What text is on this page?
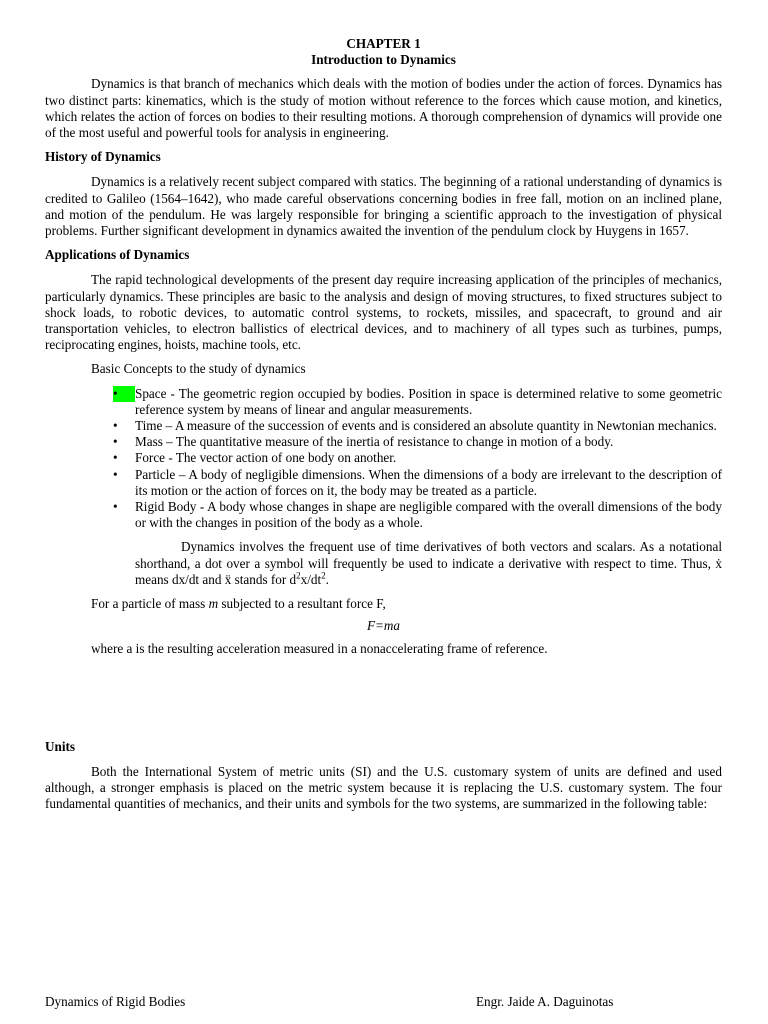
CHAPTER 1
Introduction to Dynamics

Dynamics is that branch of mechanics which deals with the motion of bodies under the action of forces. Dynamics has two distinct parts: kinematics, which is the study of motion without reference to the forces which cause motion, and kinetics, which relates the action of forces on bodies to their resulting motions. A thorough comprehension of dynamics will provide one of the most useful and powerful tools for analysis in engineering.

History of Dynamics

Dynamics is a relatively recent subject compared with statics. The beginning of a rational understanding of dynamics is credited to Galileo (1564–1642), who made careful observations concerning bodies in free fall, motion on an inclined plane, and motion of the pendulum. He was largely responsible for bringing a scientific approach to the investigation of physical problems. Further significant development in dynamics awaited the invention of the pendulum clock by Huygens in 1657.

Applications of Dynamics

The rapid technological developments of the present day require increasing application of the principles of mechanics, particularly dynamics. These principles are basic to the analysis and design of moving structures, to fixed structures subject to shock loads, to robotic devices, to automatic control systems, to rockets, missiles, and spacecraft, to ground and air transportation vehicles, to electron ballistics of electrical devices, and to machinery of all types such as turbines, pumps, reciprocating engines, hoists, machine tools, etc.

Basic Concepts to the study of dynamics
•	Space - The geometric region occupied by bodies. Position in space is determined relative to some geometric reference system by means of linear and angular measurements.
•	Time – A measure of the succession of events and is considered an absolute quantity in Newtonian mechanics.
•	Mass – The quantitative measure of the inertia of resistance to change in motion of a body.
•	Force - The vector action of one body on another.
•	Particle – A body of negligible dimensions. When the dimensions of a body are irrelevant to the description of its motion or the action of forces on it, the body may be treated as a particle.
•	Rigid Body - A body whose changes in shape are negligible compared with the overall dimensions of the body or with the changes in position of the body as a whole.

Dynamics involves the frequent use of time derivatives of both vectors and scalars. As a notational shorthand, a dot over a symbol will frequently be used to indicate a derivative with respect to time. Thus, ẋ means dx/dt and ẍ stands for $d^2x/dt^2$.

For a particle of mass m subjected to a resultant force F,
F=ma
where a is the resulting acceleration measured in a nonaccelerating frame of reference.
Units

Both the International System of metric units (SI) and the U.S. customary system of units are defined and used although, a stronger emphasis is placed on the metric system because it is replacing the U.S. customary system. The four fundamental quantities of mechanics, and their units and symbols for the two systems, are summarized in the following table:

Dynamics of Rigid Bodies	Engr. Jaide A. Daguinotas
